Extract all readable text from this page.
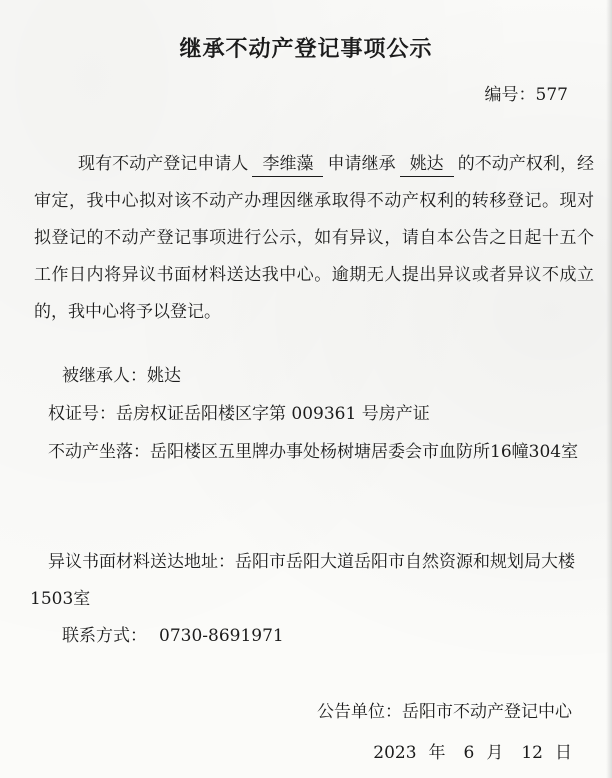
继承不动产登记事项公示
编号：577
现有不动产登记申请人 李维藻 申请继承 姚达 的不动产权利，经审定，我中心拟对该不动产办理因继承取得不动产权利的转移登记。现对拟登记的不动产登记事项进行公示，如有异议，请自本公告之日起十五个工作日内将异议书面材料送达我中心。逾期无人提出异议或者异议不成立的，我中心将予以登记。
被继承人：姚达
权证号：岳房权证岳阳楼区字第 009361 号房产证
不动产坐落：岳阳楼区五里牌办事处杨树塘居委会市血防所16幢304室
异议书面材料送达地址：岳阳市岳阳大道岳阳市自然资源和规划局大楼1503室
联系方式： 0730-8691971
公告单位：岳阳市不动产登记中心
2023 年 6 月 12 日
